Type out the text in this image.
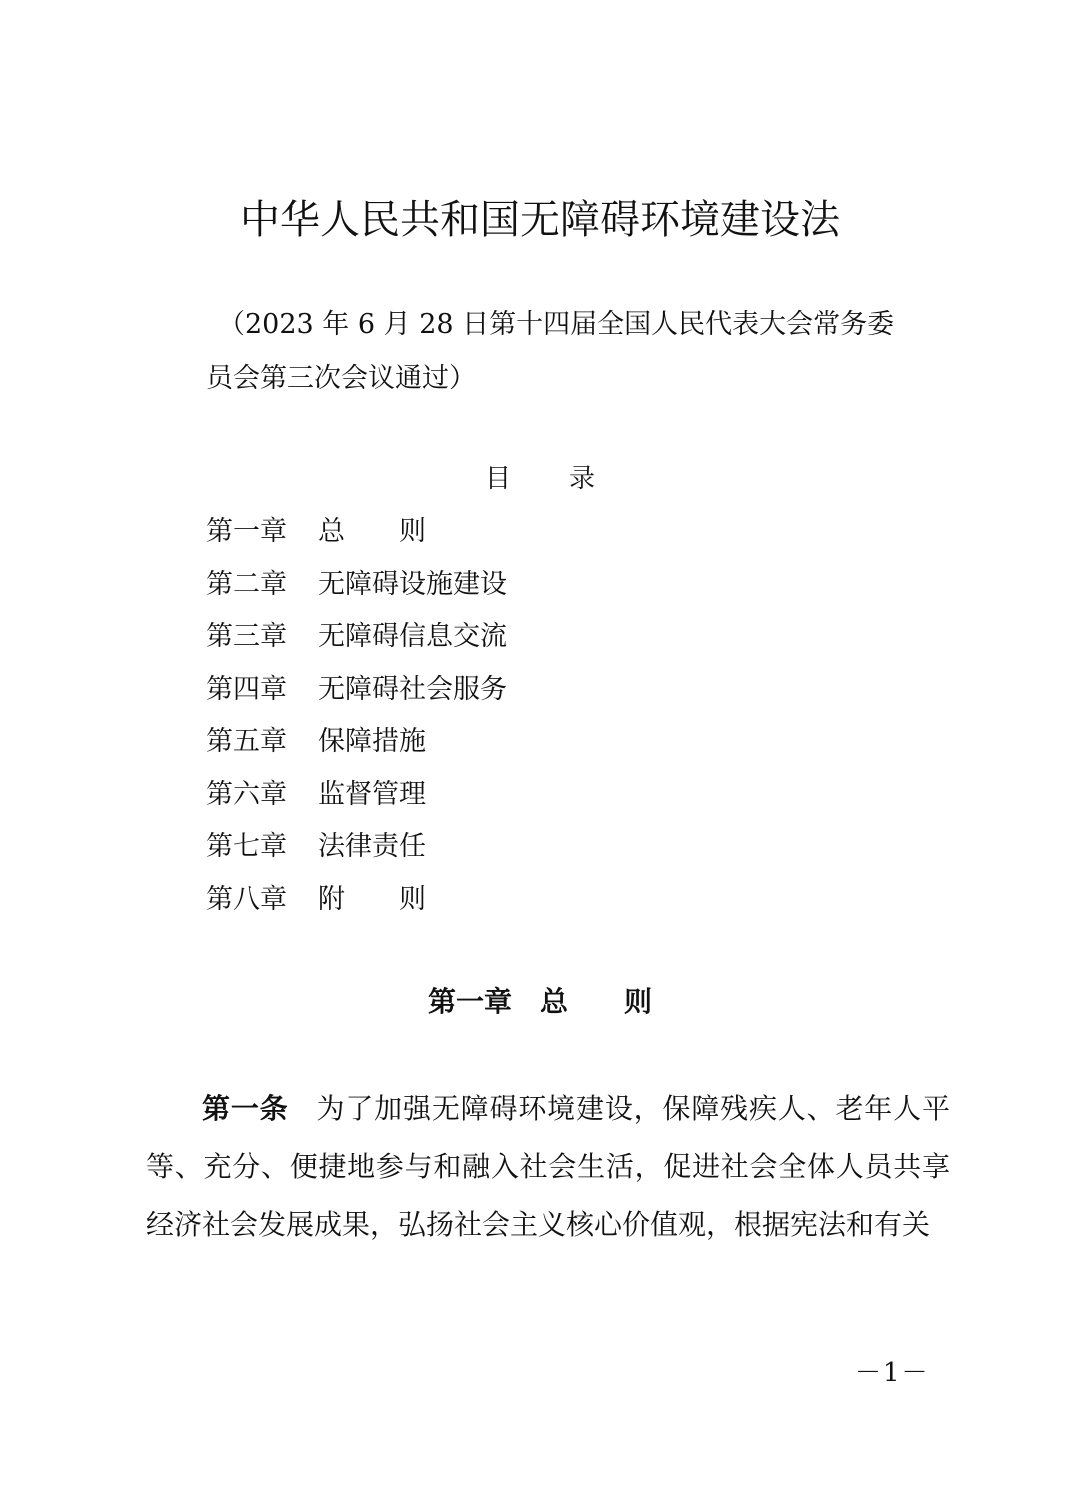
中华人民共和国无障碍环境建设法

（2023 年 6 月 28 日第十四届全国人民代表大会常务委员会第三次会议通过）

目 录
第一章 总　　则
第二章 无障碍设施建设
第三章 无障碍信息交流
第四章 无障碍社会服务
第五章 保障措施
第六章 监督管理
第七章 法律责任
第八章 附　　则
第一章 总　　则

第一条 为了加强无障碍环境建设，保障残疾人、老年人平等、充分、便捷地参与和融入社会生活，促进社会全体人员共享经济社会发展成果，弘扬社会主义核心价值观，根据宪法和有关

－1－
